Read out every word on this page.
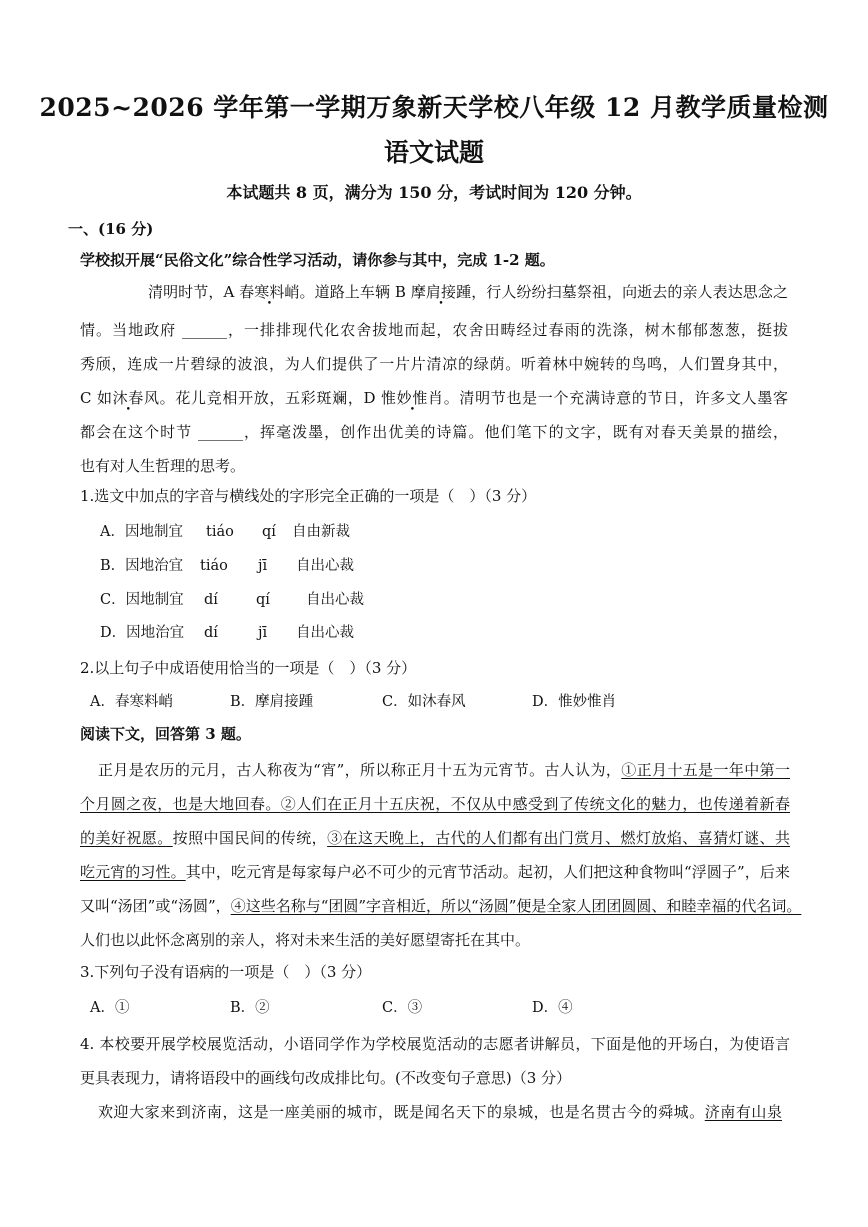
2025~2026 学年第一学期万象新天学校八年级 12 月教学质量检测
语文试题
本试题共 8 页，满分为 150 分，考试时间为 120 分钟。
一、(16 分)
学校拟开展“民俗文化”综合性学习活动，请你参与其中，完成 1-2 题。
清明时节，A 春寒料峭。道路上车辆 B 摩肩接踵，行人纷纷扫墓祭祖，向逝去的亲人表达思念之
情。当地政府 ______，一排排现代化农舍拔地而起，农舍田畴经过春雨的洗涤，树木郁郁葱葱，挺拔
秀颀，连成一片碧绿的波浪，为人们提供了一片片清凉的绿荫。听着林中婉转的鸟鸣，人们置身其中，
C 如沐春风。花儿竞相开放，五彩斑斓，D 惟妙惟肖。清明节也是一个充满诗意的节日，许多文人墨客
都会在这个时节 ______，挥毫泼墨，创作出优美的诗篇。他们笔下的文字，既有对春天美景的描绘，
也有对人生哲理的思考。
1.选文中加点的字音与横线处的字形完全正确的一项是（　）（3 分）
A．因地制宜 tiáo qí 自由新裁
B．因地治宜 tiáo jī 自出心裁
C．因地制宜 dí	qí 自出心裁
D．因地治宜 dí	jī 自出心裁
2.以上句子中成语使用恰当的一项是（　）（3 分）
A．春寒料峭	B．摩肩接踵	C．如沐春风	D．惟妙惟肖
阅读下文，回答第 3 题。
正月是农历的元月，古人称夜为“宵”，所以称正月十五为元宵节。古人认为，①正月十五是一年中第一
个月圆之夜，也是大地回春。②人们在正月十五庆祝，不仅从中感受到了传统文化的魅力，也传递着新春
的美好祝愿。按照中国民间的传统，③在这天晚上，古代的人们都有出门赏月、燃灯放焰、喜猜灯谜、共
吃元宵的习性。其中，吃元宵是每家每户必不可少的元宵节活动。起初，人们把这种食物叫“浮圆子”，后来
又叫“汤团”或“汤圆”，④这些名称与“团圆”字音相近，所以“汤圆”便是全家人团团圆圆、和睦幸福的代名词。
人们也以此怀念离别的亲人，将对未来生活的美好愿望寄托在其中。
3.下列句子没有语病的一项是（　）（3 分）
A．①	B．②	C．③	D．④
4. 本校要开展学校展览活动，小语同学作为学校展览活动的志愿者讲解员，下面是他的开场白，为使语言
更具表现力，请将语段中的画线句改成排比句。(不改变句子意思)（3 分）
欢迎大家来到济南，这是一座美丽的城市，既是闻名天下的泉城，也是名贯古今的舜城。济南有山泉
